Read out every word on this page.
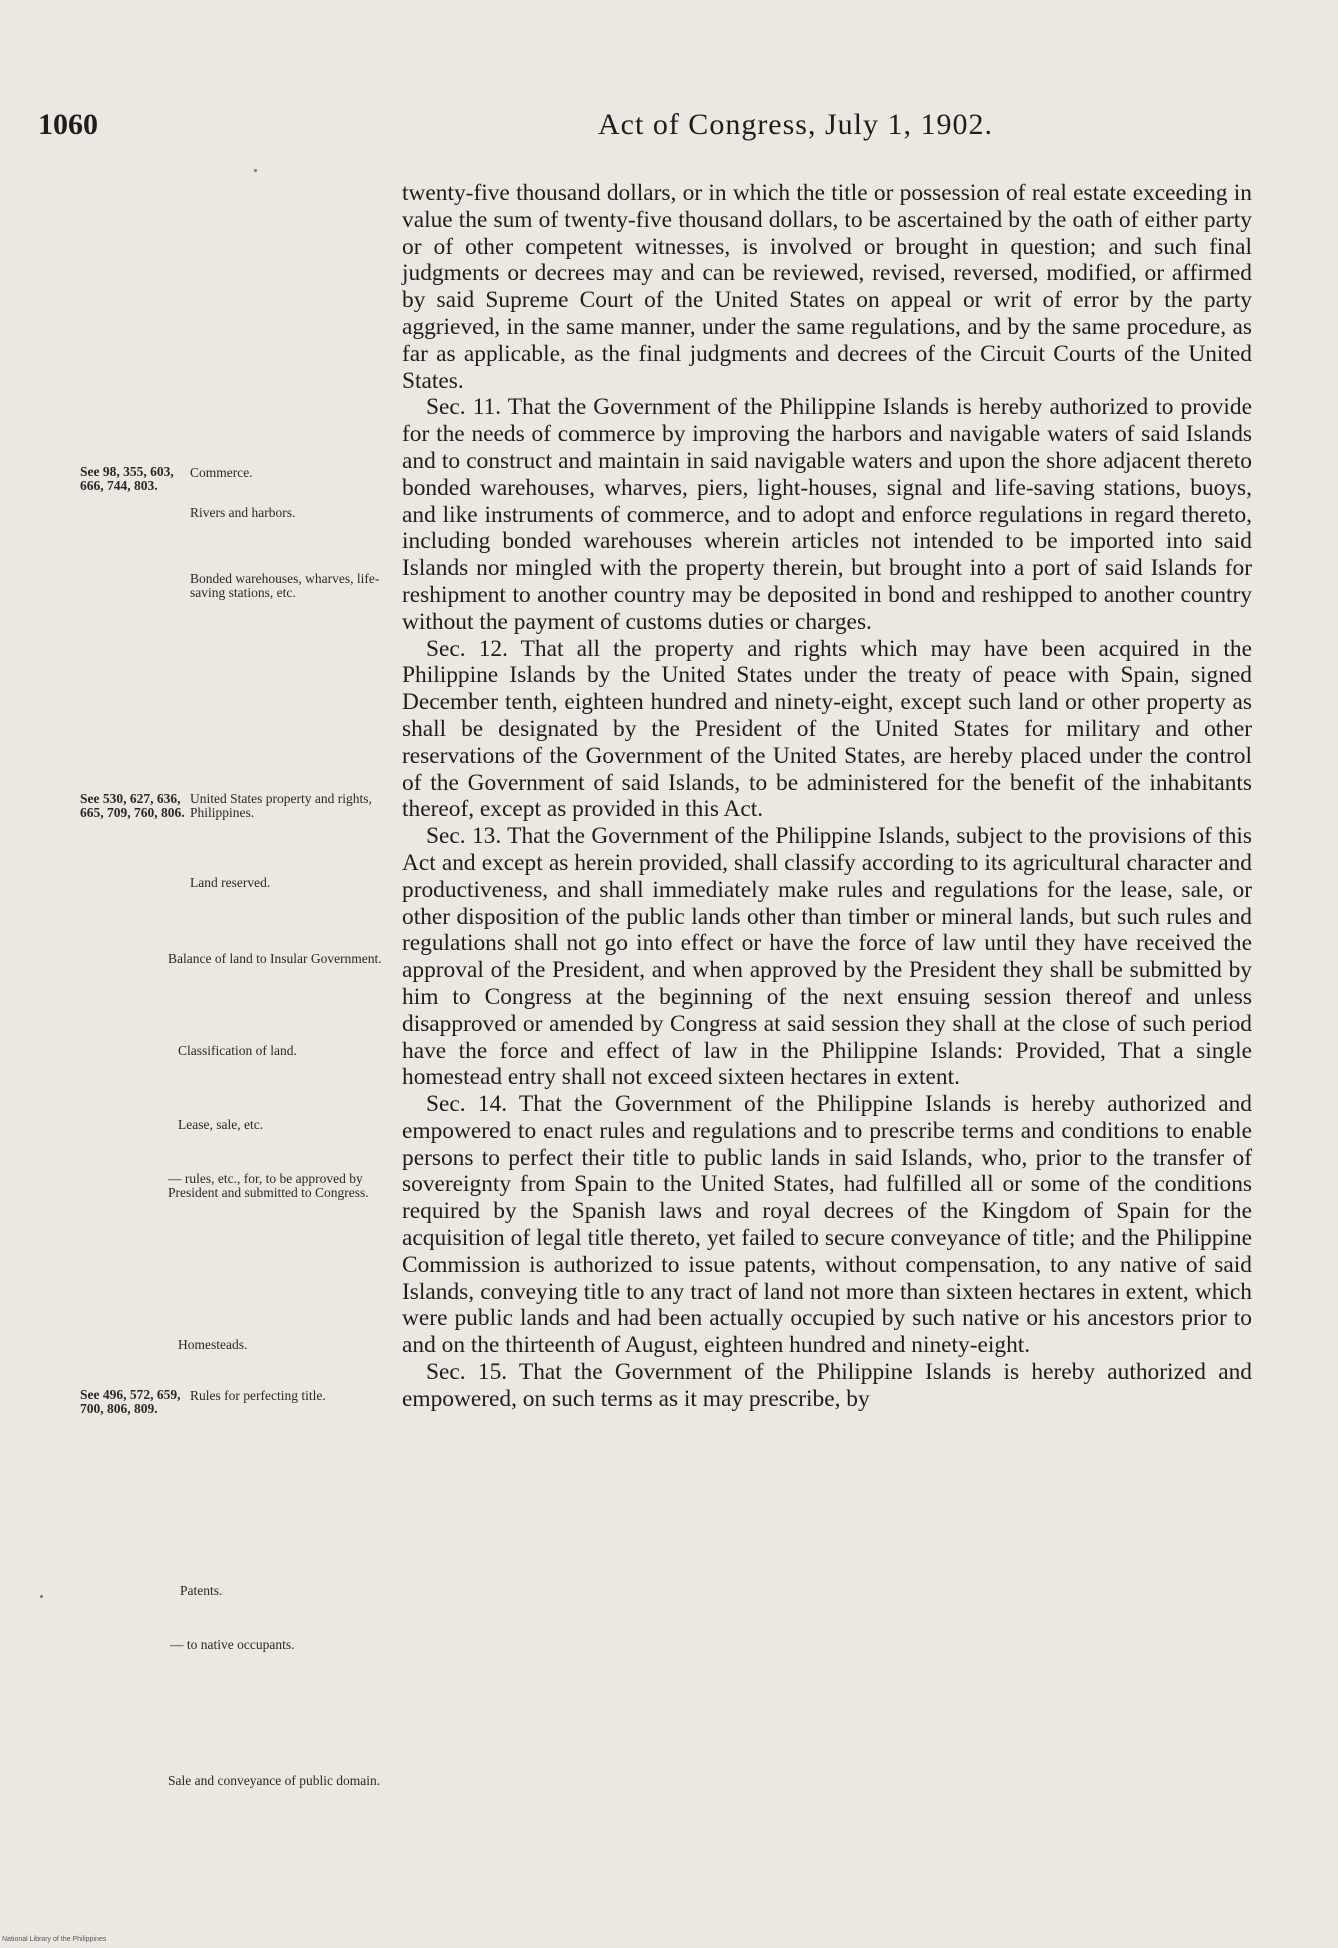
1060	Act of Congress, July 1, 1902.

twenty-five thousand dollars, or in which the title or possession of real estate exceeding in value the sum of twenty-five thousand dollars, to be ascertained by the oath of either party or of other competent witnesses, is involved or brought in question; and such final judgments or decrees may and can be reviewed, revised, reversed, modified, or affirmed by said Supreme Court of the United States on appeal or writ of error by the party aggrieved, in the same manner, under the same regulations, and by the same procedure, as far as applicable, as the final judgments and decrees of the Circuit Courts of the United States.

Sec. 11. That the Government of the Philippine Islands is hereby authorized to provide for the needs of commerce by improving the harbors and navigable waters of said Islands and to construct and maintain in said navigable waters and upon the shore adjacent thereto bonded warehouses, wharves, piers, light-houses, signal and life-saving stations, buoys, and like instruments of commerce, and to adopt and enforce regulations in regard thereto, including bonded warehouses wherein articles not intended to be imported into said Islands nor mingled with the property therein, but brought into a port of said Islands for reshipment to another country may be deposited in bond and reshipped to another country without the payment of customs duties or charges.

Sec. 12. That all the property and rights which may have been acquired in the Philippine Islands by the United States under the treaty of peace with Spain, signed December tenth, eighteen hundred and ninety-eight, except such land or other property as shall be designated by the President of the United States for military and other reservations of the Government of the United States, are hereby placed under the control of the Government of said Islands, to be administered for the benefit of the inhabitants thereof, except as provided in this Act.

Sec. 13. That the Government of the Philippine Islands, subject to the provisions of this Act and except as herein provided, shall classify according to its agricultural character and productiveness, and shall immediately make rules and regulations for the lease, sale, or other disposition of the public lands other than timber or mineral lands, but such rules and regulations shall not go into effect or have the force of law until they have received the approval of the President, and when approved by the President they shall be submitted by him to Congress at the beginning of the next ensuing session thereof and unless disapproved or amended by Congress at said session they shall at the close of such period have the force and effect of law in the Philippine Islands: Provided, That a single homestead entry shall not exceed sixteen hectares in extent.

Sec. 14. That the Government of the Philippine Islands is hereby authorized and empowered to enact rules and regulations and to prescribe terms and conditions to enable persons to perfect their title to public lands in said Islands, who, prior to the transfer of sovereignty from Spain to the United States, had fulfilled all or some of the conditions required by the Spanish laws and royal decrees of the Kingdom of Spain for the acquisition of legal title thereto, yet failed to secure conveyance of title; and the Philippine Commission is authorized to issue patents, without compensation, to any native of said Islands, conveying title to any tract of land not more than sixteen hectares in extent, which were public lands and had been actually occupied by such native or his ancestors prior to and on the thirteenth of August, eighteen hundred and ninety-eight.

Sec. 15. That the Government of the Philippine Islands is hereby authorized and empowered, on such terms as it may prescribe, by

See 98, 355, 603, 666, 744, 803.
Commerce.
Rivers and harbors.
Bonded warehouses, wharves, life-saving stations, etc.
See 530, 627, 636, 665, 709, 760, 806.
United States property and rights, Philippines.
Land reserved.
Balance of land to Insular Government.
Classification of land.
Lease, sale, etc.
— rules, etc., for, to be approved by President and submitted to Congress.
Homesteads.
See 496, 572, 659, 700, 806, 809.
Rules for perfecting title.
Patents.
— to native occupants.
Sale and conveyance of public domain.
National Library of the Philippines
